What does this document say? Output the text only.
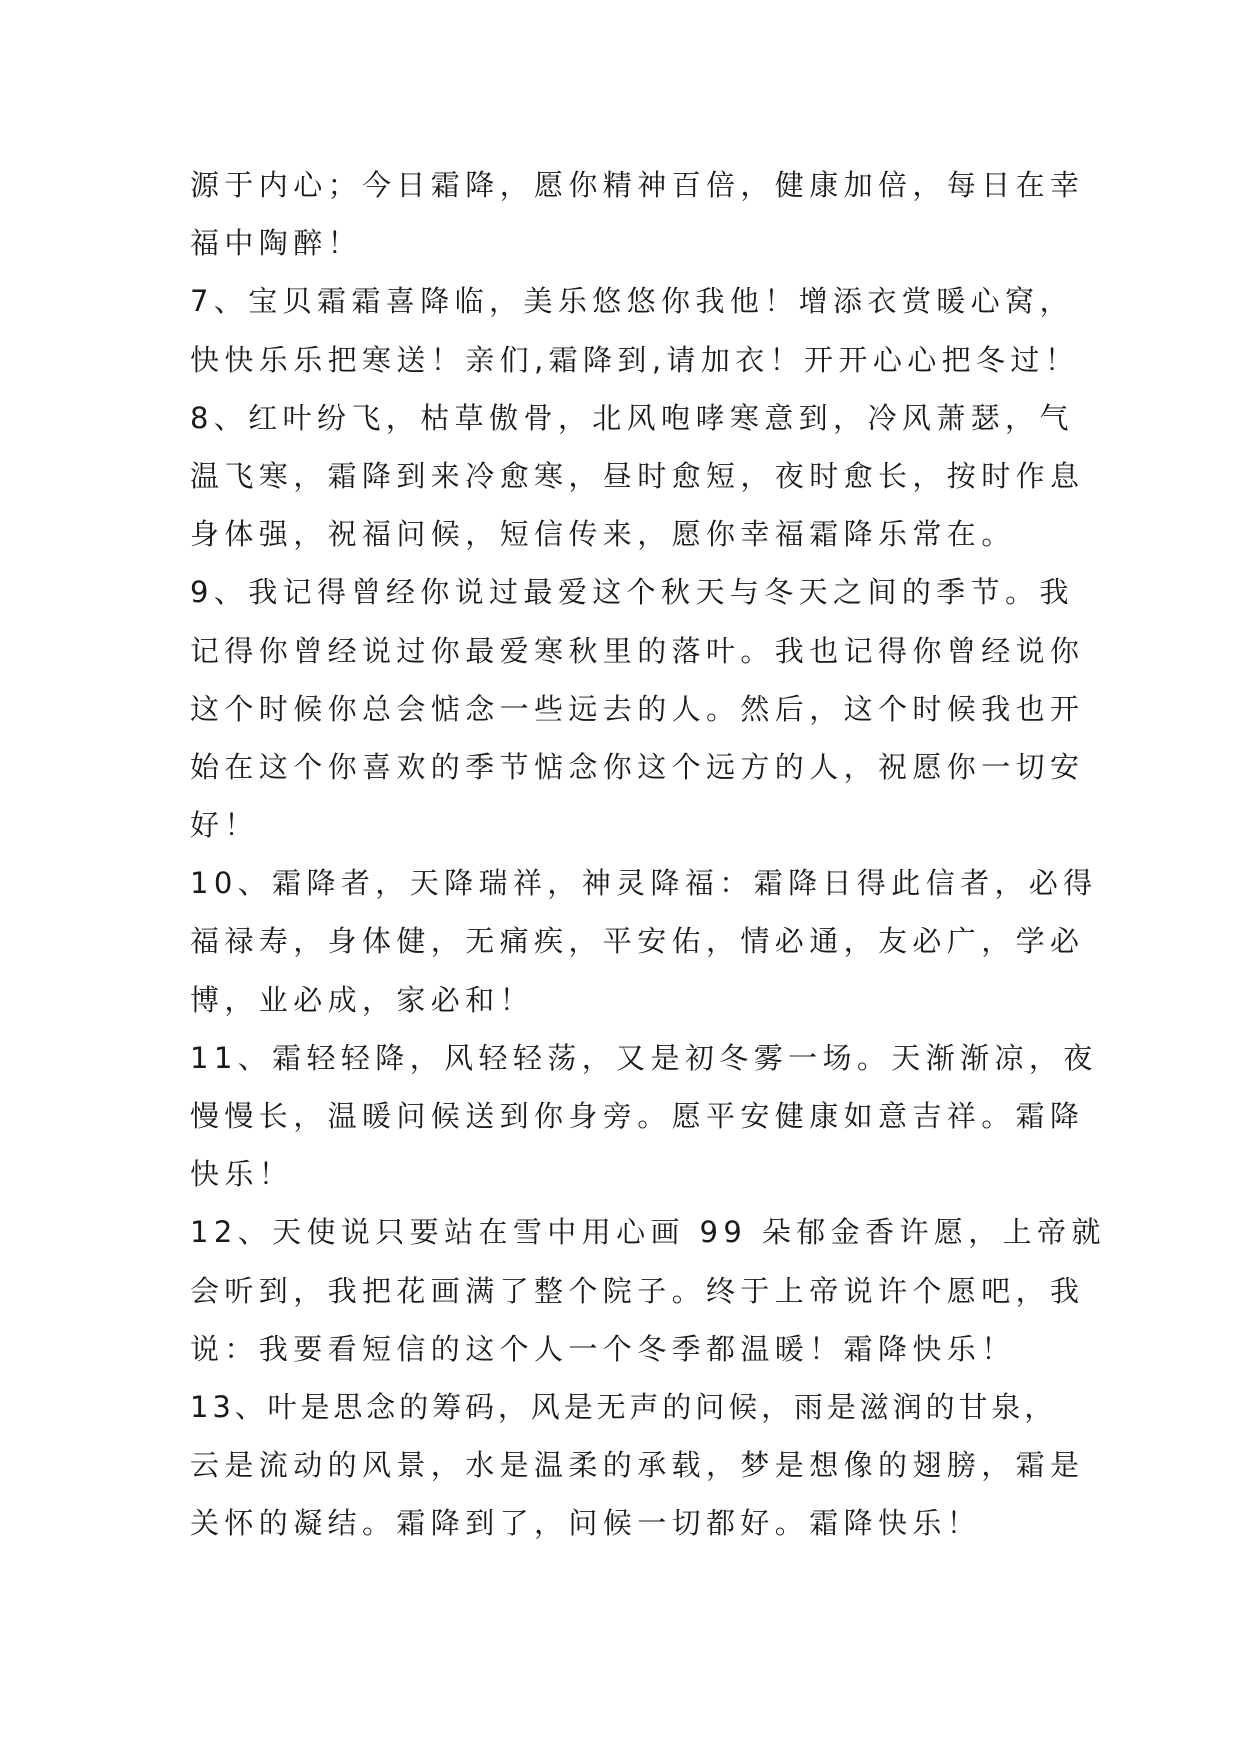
源于内心；今日霜降，愿你精神百倍，健康加倍，每日在幸
福中陶醉！
7、宝贝霜霜喜降临，美乐悠悠你我他！增添衣赏暖心窝，
快快乐乐把寒送！亲们,霜降到,请加衣！开开心心把冬过！
8、红叶纷飞，枯草傲骨，北风咆哮寒意到，冷风萧瑟，气
温飞寒，霜降到来冷愈寒，昼时愈短，夜时愈长，按时作息
身体强，祝福问候，短信传来，愿你幸福霜降乐常在。
9、我记得曾经你说过最爱这个秋天与冬天之间的季节。我
记得你曾经说过你最爱寒秋里的落叶。我也记得你曾经说你
这个时候你总会惦念一些远去的人。然后，这个时候我也开
始在这个你喜欢的季节惦念你这个远方的人，祝愿你一切安
好！
10、霜降者，天降瑞祥，神灵降福：霜降日得此信者，必得
福禄寿，身体健，无痛疾，平安佑，情必通，友必广，学必
博，业必成，家必和！
11、霜轻轻降，风轻轻荡，又是初冬雾一场。天渐渐凉，夜
慢慢长，温暖问候送到你身旁。愿平安健康如意吉祥。霜降
快乐！
12、天使说只要站在雪中用心画 99 朵郁金香许愿，上帝就
会听到，我把花画满了整个院子。终于上帝说许个愿吧，我
说：我要看短信的这个人一个冬季都温暖！霜降快乐！
13、叶是思念的筹码，风是无声的问候，雨是滋润的甘泉，
云是流动的风景，水是温柔的承载，梦是想像的翅膀，霜是
关怀的凝结。霜降到了，问候一切都好。霜降快乐！
